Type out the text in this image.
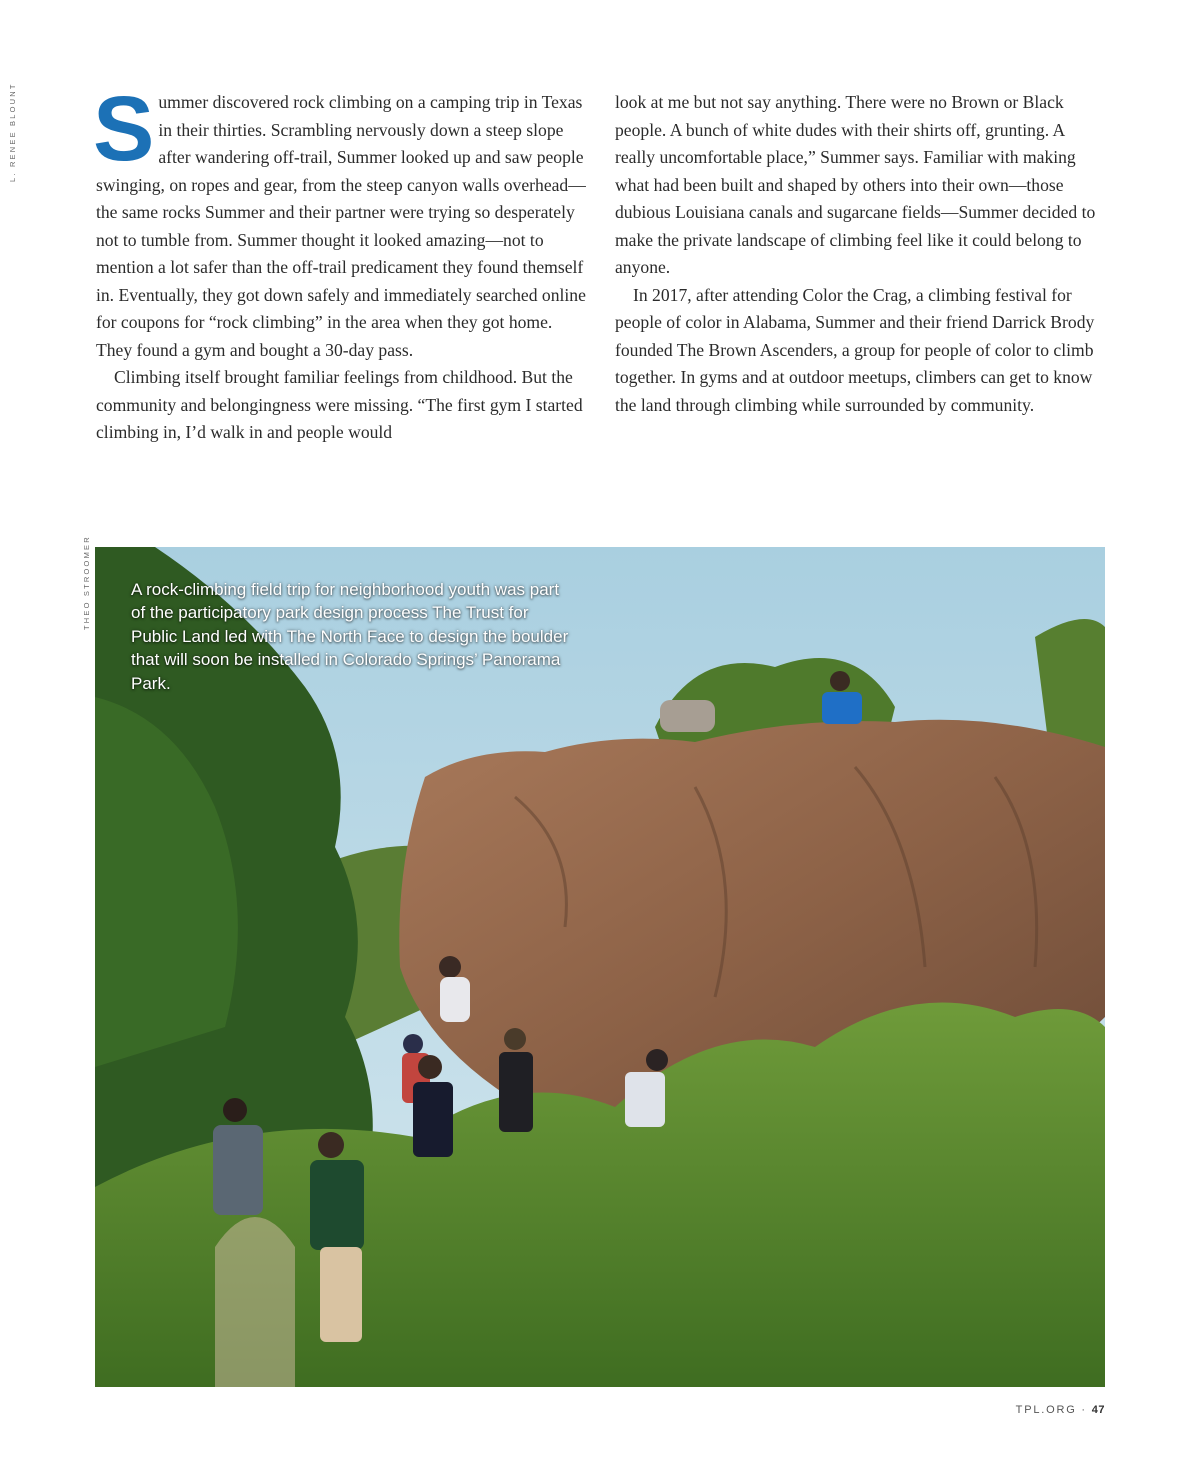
L. RENEE BLOUNT
THEO STROOMER

Summer discovered rock climbing on a camping trip in Texas in their thirties. Scrambling nervously down a steep slope after wandering off-trail, Summer looked up and saw people swinging, on ropes and gear, from the steep canyon walls overhead—the same rocks Summer and their partner were trying so desperately not to tumble from. Summer thought it looked amazing—not to mention a lot safer than the off-trail predicament they found themself in. Eventually, they got down safely and immediately searched online for coupons for “rock climbing” in the area when they got home. They found a gym and bought a 30-day pass.

Climbing itself brought familiar feelings from childhood. But the community and belongingness were missing. “The first gym I started climbing in, I’d walk in and people would

look at me but not say anything. There were no Brown or Black people. A bunch of white dudes with their shirts off, grunting. A really uncomfortable place,” Summer says. Familiar with making what had been built and shaped by others into their own—those dubious Louisiana canals and sugarcane fields—Summer decided to make the private landscape of climbing feel like it could belong to anyone.

In 2017, after attending Color the Crag, a climbing festival for people of color in Alabama, Summer and their friend Darrick Brody founded The Brown Ascenders, a group for people of color to climb together. In gyms and at outdoor meetups, climbers can get to know the land through climbing while surrounded by community.

A rock-climbing field trip for neighborhood youth was part of the participatory park design process The Trust for Public Land led with The North Face to design the boulder that will soon be installed in Colorado Springs’ Panorama Park.
TPL.ORG · 47
